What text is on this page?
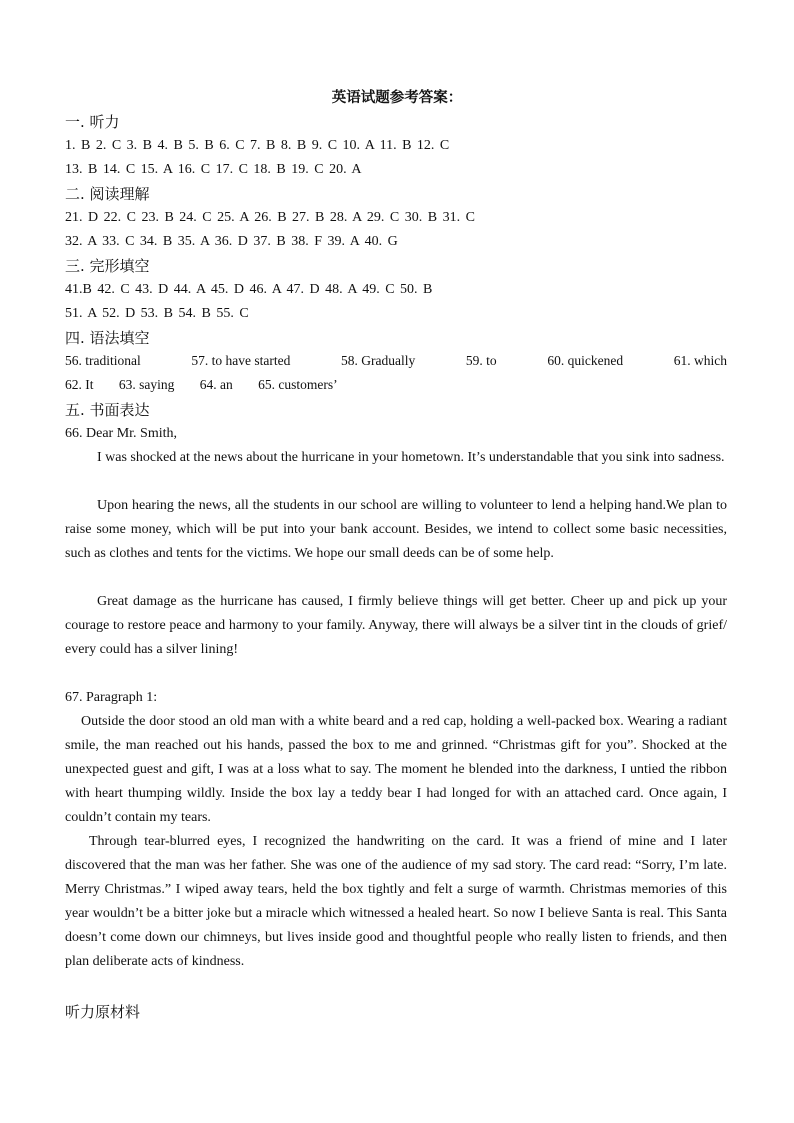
英语试题参考答案：
一. 听力
1. B 2. C 3. B 4. B 5. B 6. C 7. B 8. B 9. C 10. A 11. B 12. C
13. B 14. C 15. A 16. C 17. C 18. B 19. C 20. A
二. 阅读理解
21. D 22. C 23. B 24. C 25. A 26. B 27. B 28. A 29. C 30. B 31. C
32. A 33. C 34. B 35. A 36. D 37. B 38. F 39. A 40. G
三. 完形填空
41.B 42. C 43. D 44. A 45. D 46. A 47. D 48. A 49. C 50. B
51. A 52. D 53. B 54. B 55. C
四. 语法填空
56. traditional	57. to have started	58. Gradually	59. to	60. quickened	61. which
62. It 63. saying 64. an 65. customers’
五. 书面表达
66. Dear Mr. Smith,
I was shocked at the news about the hurricane in your hometown. It’s understandable that you sink into sadness.
Upon hearing the news, all the students in our school are willing to volunteer to lend a helping hand.We plan to raise some money, which will be put into your bank account. Besides, we intend to collect some basic necessities, such as clothes and tents for the victims. We hope our small deeds can be of some help.
Great damage as the hurricane has caused, I firmly believe things will get better. Cheer up and pick up your courage to restore peace and harmony to your family. Anyway, there will always be a silver tint in the clouds of grief/ every could has a silver lining!
67. Paragraph 1:
Outside the door stood an old man with a white beard and a red cap, holding a well-packed box. Wearing a radiant smile, the man reached out his hands, passed the box to me and grinned. “Christmas gift for you”. Shocked at the unexpected guest and gift, I was at a loss what to say. The moment he blended into the darkness, I untied the ribbon with heart thumping wildly. Inside the box lay a teddy bear I had longed for with an attached card. Once again, I couldn’t contain my tears.
Through tear-blurred eyes, I recognized the handwriting on the card. It was a friend of mine and I later discovered that the man was her father. She was one of the audience of my sad story. The card read: “Sorry, I’m late. Merry Christmas.” I wiped away tears, held the box tightly and felt a surge of warmth. Christmas memories of this year wouldn’t be a bitter joke but a miracle which witnessed a healed heart. So now I believe Santa is real. This Santa doesn’t come down our chimneys, but lives inside good and thoughtful people who really listen to friends, and then plan deliberate acts of kindness.
听力原材料
